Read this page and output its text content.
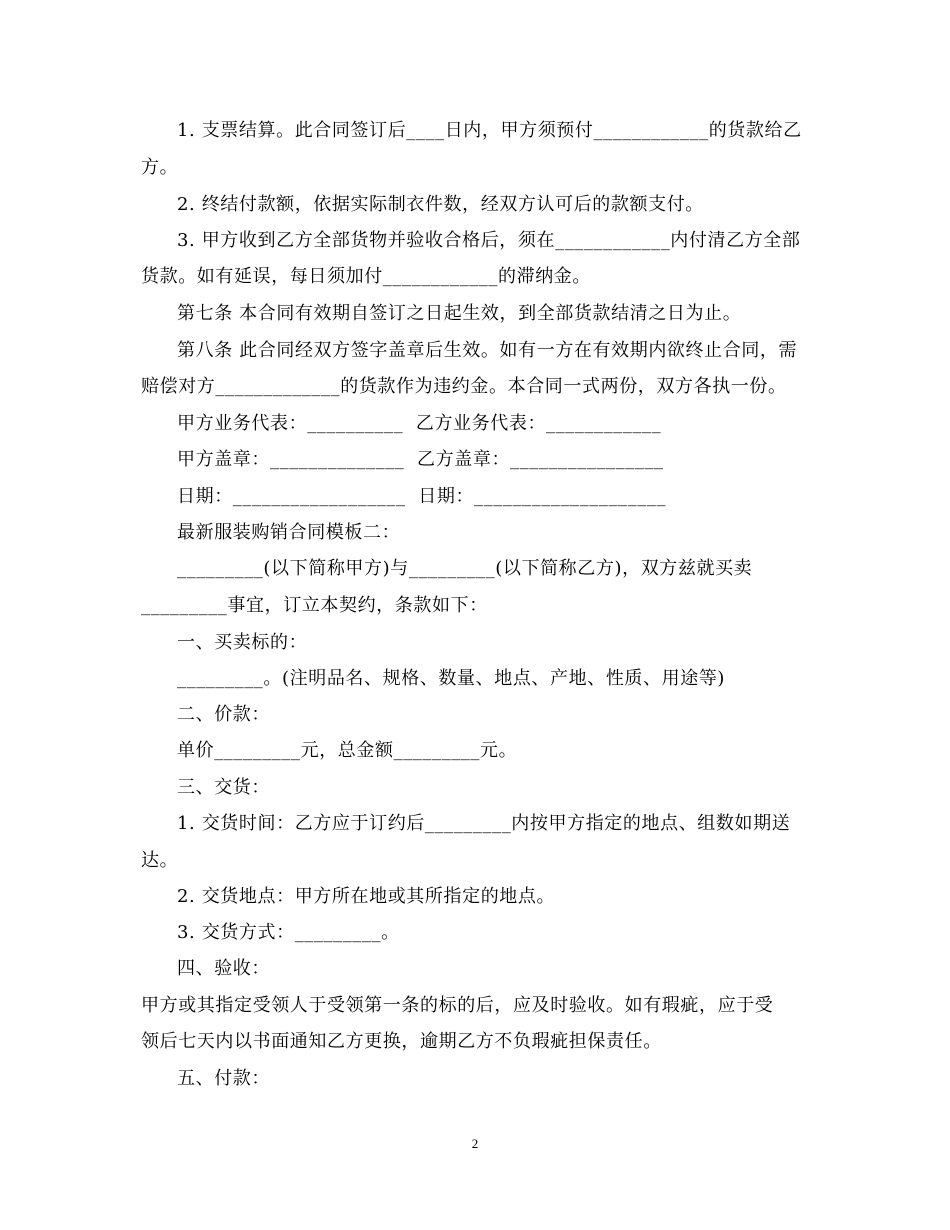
1. 支票结算。此合同签订后____日内，甲方须预付____________的货款给乙
方。
2. 终结付款额，依据实际制衣件数，经双方认可后的款额支付。
3. 甲方收到乙方全部货物并验收合格后，须在____________内付清乙方全部
货款。如有延误，每日须加付____________的滞纳金。
第七条 本合同有效期自签订之日起生效，到全部货款结清之日为止。
第八条 此合同经双方签字盖章后生效。如有一方在有效期内欲终止合同，需
赔偿对方_____________的货款作为违约金。本合同一式两份，双方各执一份。
甲方业务代表：__________  乙方业务代表：____________
甲方盖章：______________  乙方盖章：________________
日期：__________________  日期：____________________
最新服装购销合同模板二：
_________(以下简称甲方)与_________(以下简称乙方)，双方兹就买卖
_________事宜，订立本契约，条款如下：
一、买卖标的：
_________。(注明品名、规格、数量、地点、产地、性质、用途等)
二、价款：
单价_________元，总金额_________元。
三、交货：
1. 交货时间：乙方应于订约后_________内按甲方指定的地点、组数如期送
达。
2. 交货地点：甲方所在地或其所指定的地点。
3. 交货方式：_________。
四、验收：
甲方或其指定受领人于受领第一条的标的后，应及时验收。如有瑕疵，应于受
领后七天内以书面通知乙方更换，逾期乙方不负瑕疵担保责任。
五、付款：
2
